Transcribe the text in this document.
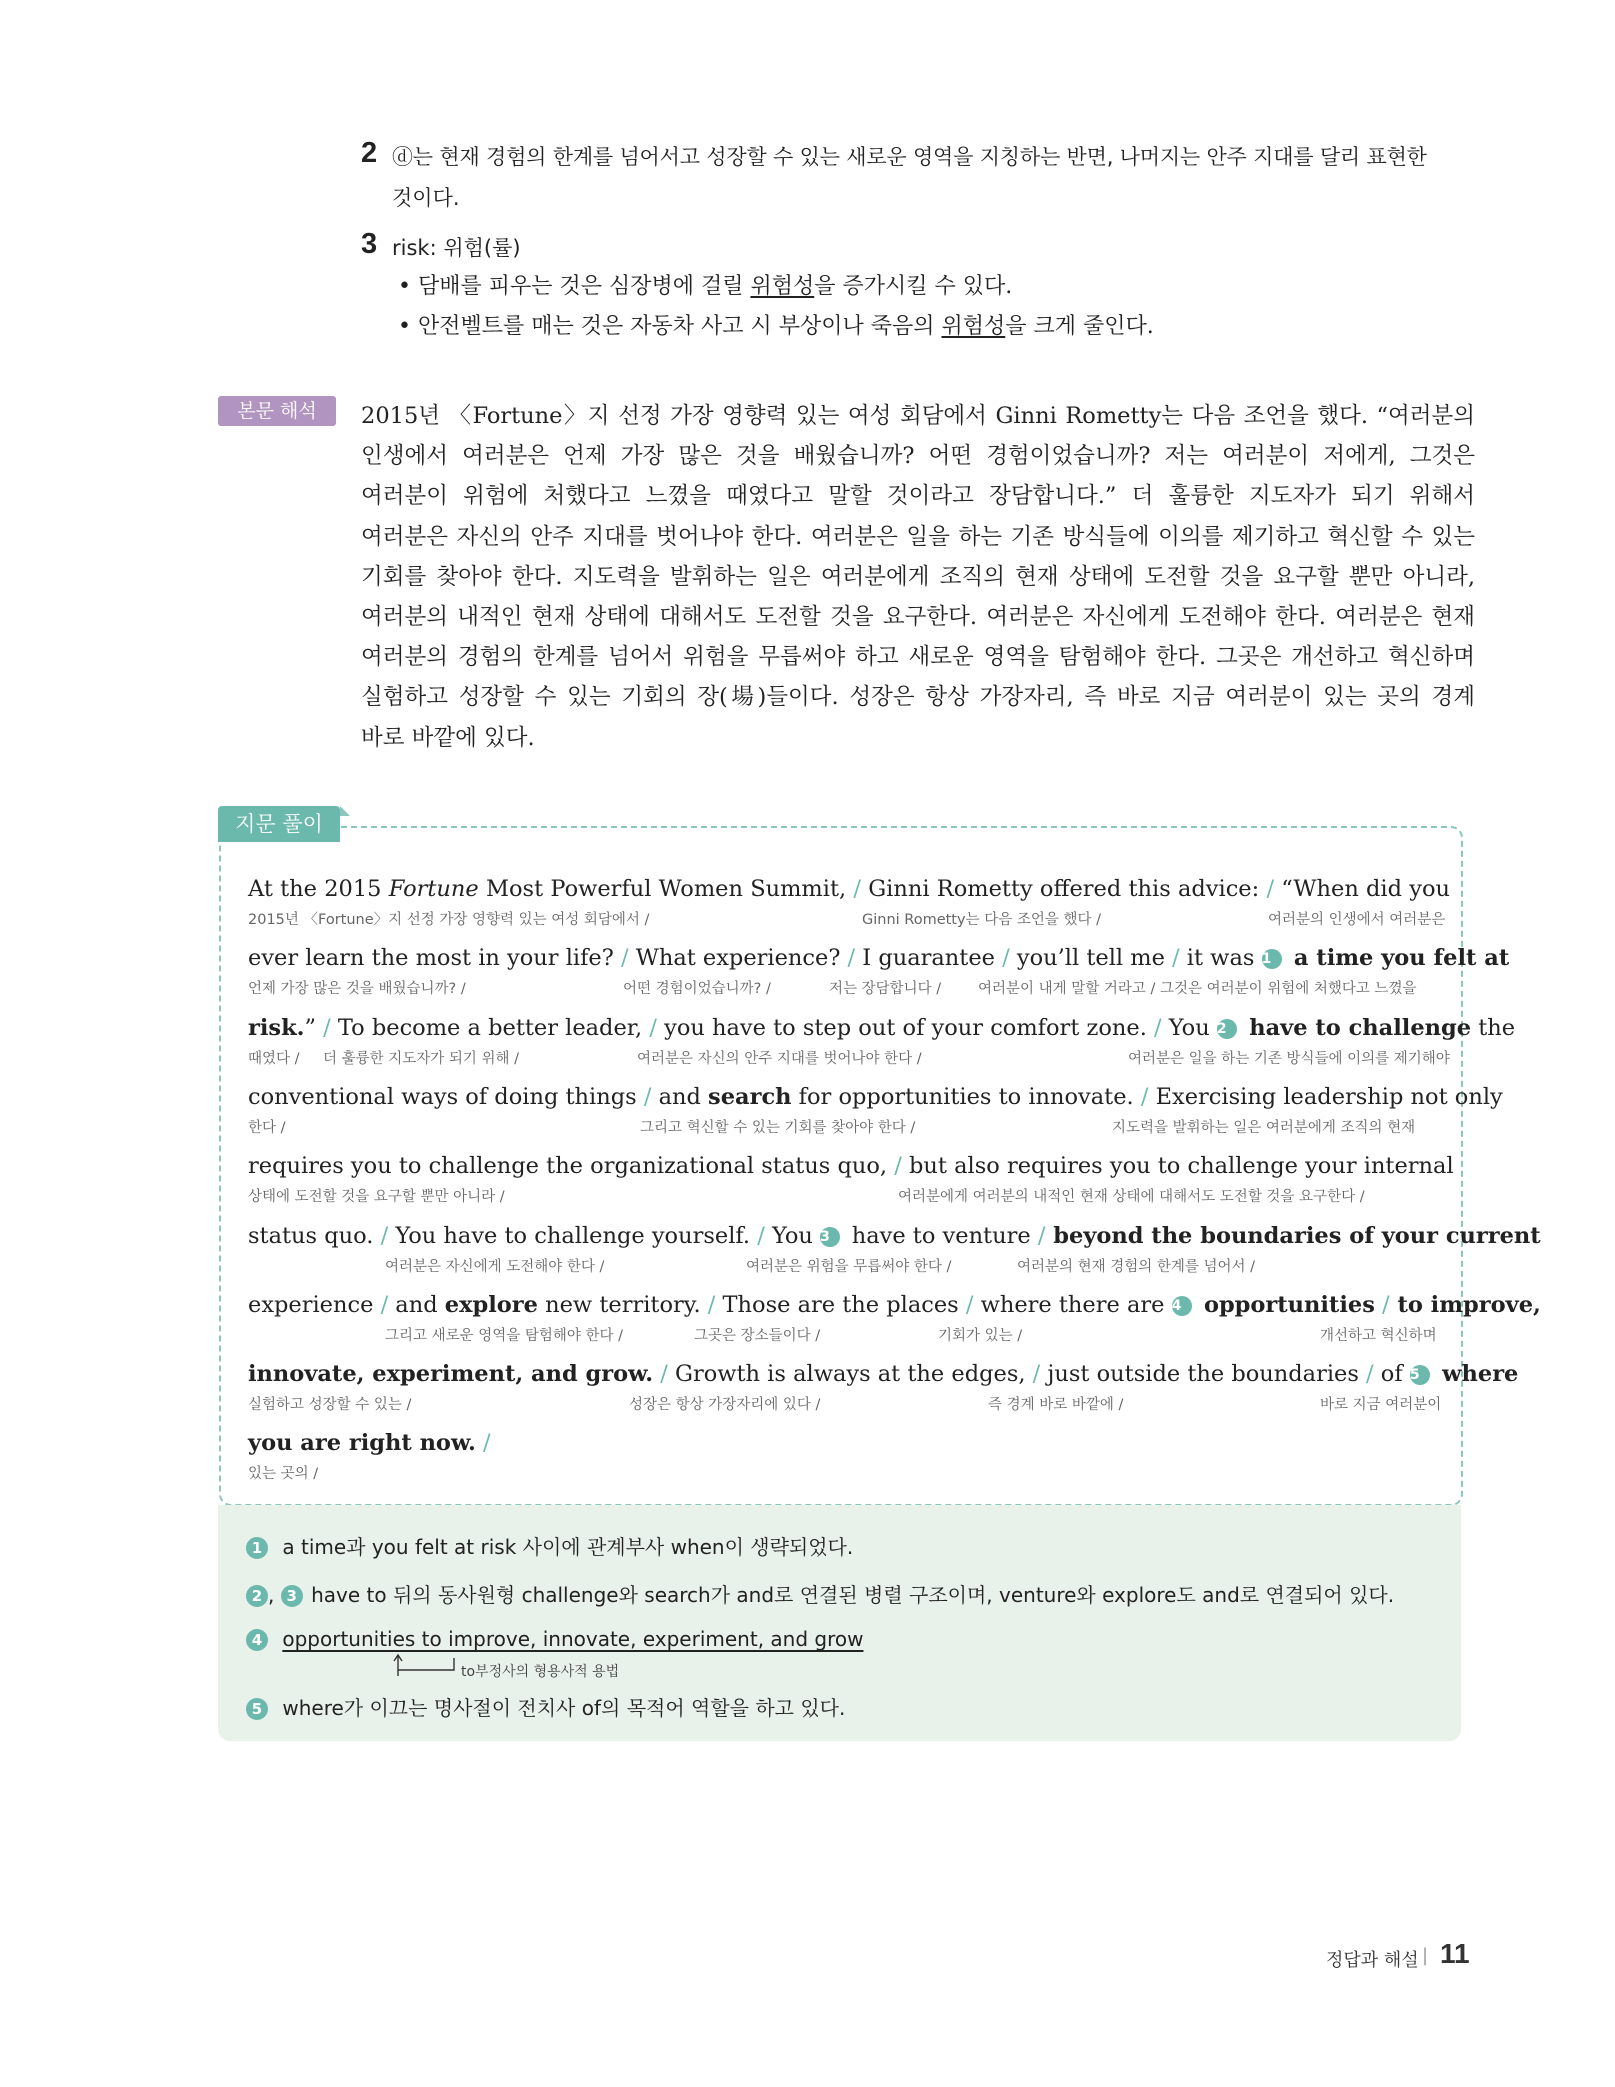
2 ⓓ는 현재 경험의 한계를 넘어서고 성장할 수 있는 새로운 영역을 지칭하는 반면, 나머지는 안주 지대를 달리 표현한
것이다.
3 risk: 위험(률)
• 담배를 피우는 것은 심장병에 걸릴 위험성을 증가시킬 수 있다.
• 안전벨트를 매는 것은 자동차 사고 시 부상이나 죽음의 위험성을 크게 줄인다.
본문 해석	2015년 〈Fortune〉지 선정 가장 영향력 있는 여성 회담에서 Ginni Rometty는 다음 조언을 했다. “여러분의
인생에서 여러분은 언제 가장 많은 것을 배웠습니까? 어떤 경험이었습니까? 저는 여러분이 저에게, 그것은
여러분이 위험에 처했다고 느꼈을 때였다고 말할 것이라고 장담합니다.” 더 훌륭한 지도자가 되기 위해서
여러분은 자신의 안주 지대를 벗어나야 한다. 여러분은 일을 하는 기존 방식들에 이의를 제기하고 혁신할 수 있는
기회를 찾아야 한다. 지도력을 발휘하는 일은 여러분에게 조직의 현재 상태에 도전할 것을 요구할 뿐만 아니라,
여러분의 내적인 현재 상태에 대해서도 도전할 것을 요구한다. 여러분은 자신에게 도전해야 한다. 여러분은 현재
여러분의 경험의 한계를 넘어서 위험을 무릅써야 하고 새로운 영역을 탐험해야 한다. 그곳은 개선하고 혁신하며
실험하고 성장할 수 있는 기회의 장(場)들이다. 성장은 항상 가장자리, 즉 바로 지금 여러분이 있는 곳의 경계
바로 바깥에 있다.
지문 풀이
At the 2015 Fortune Most Powerful Women Summit, / Ginni Rometty offered this advice: / “When did you
2015년 〈Fortune〉지 선정 가장 영향력 있는 여성 회담에서 /	Ginni Rometty는 다음 조언을 했다 /	여러분의 인생에서 여러분은
ever learn the most in your life? / What experience? / I guarantee / you’ll tell me / it was 1  a time you felt at
언제 가장 많은 것을 배웠습니까? /	어떤 경험이었습니까? /	저는 장담합니다 /	여러분이 내게 말할 거라고 / 그것은 여러분이 위험에 처했다고 느꼈을
risk.” / To become a better leader, / you have to step out of your comfort zone. / You 2  have to challenge the
때였다 / 더 훌륭한 지도자가 되기 위해 /	여러분은 자신의 안주 지대를 벗어나야 한다 /	여러분은 일을 하는 기존 방식들에 이의를 제기해야
conventional ways of doing things / and search for opportunities to innovate. / Exercising leadership not only
한다 /	그리고 혁신할 수 있는 기회를 찾아야 한다 /	지도력을 발휘하는 일은 여러분에게 조직의 현재
requires you to challenge the organizational status quo, / but also requires you to challenge your internal
상태에 도전할 것을 요구할 뿐만 아니라 /	여러분에게 여러분의 내적인 현재 상태에 대해서도 도전할 것을 요구한다 /
status quo. / You have to challenge yourself. / You 3  have to venture / beyond the boundaries of your current
여러분은 자신에게 도전해야 한다 /	여러분은 위험을 무릅써야 한다 /	여러분의 현재 경험의 한계를 넘어서 /
experience / and explore new territory. / Those are the places / where there are 4  opportunities / to improve,
그리고 새로운 영역을 탐험해야 한다 /	그곳은 장소들이다 /	기회가 있는 /	개선하고 혁신하며
innovate, experiment, and grow. / Growth is always at the edges, / just outside the boundaries / of 5  where
실험하고 성장할 수 있는 /	성장은 항상 가장자리에 있다 /	즉 경계 바로 바깥에 /	바로 지금 여러분이
you are right now. /
있는 곳의 /
1 a time과 you felt at risk 사이에 관계부사 when이 생략되었다.
2 , 3 have to 뒤의 동사원형 challenge와 search가 and로 연결된 병렬 구조이며, venture와 explore도 and로 연결되어 있다.
4 opportunities to improve, innovate, experiment, and grow
to부정사의 형용사적 용법
5 where가 이끄는 명사절이 전치사 of의 목적어 역할을 하고 있다.
정답과 해설 | 11
